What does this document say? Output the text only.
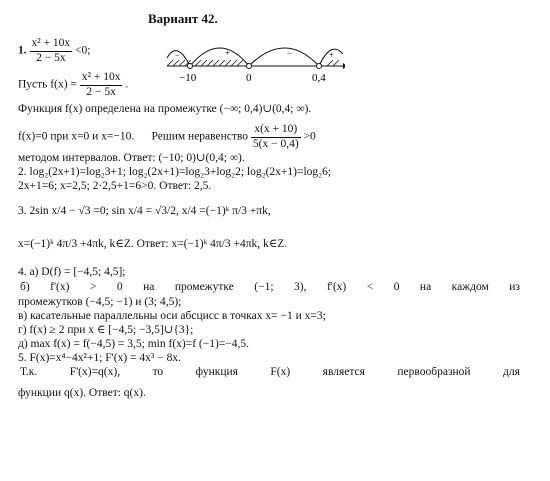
Вариант 42.
1. $\frac{\text{x² + 10x}}{2 - 5x} <0$;
Пусть $f(x) = \frac{\text{x² + 10x}}{2 - 5x}$ .
−	+	−	+
−10	0	0,4
Функция f(x) определена на промежутке (−∞; 0,4)∪(0,4; ∞).
f(x)=0 при x=0 и x=−10. Решим неравенство $\frac{x(x + 10)}{5(x - 0,4)} >0$
методом интервалов. Ответ: (−10; 0)∪(0,4; ∞).
2. log₂(2x+1)=log₂3+1; log₂(2x+1)=log₂3+log₂2; log₂(2x+1)=log₂6;
2x+1=6; x=2,5; 2·2,5+1=6>0. Ответ: 2,5.
3. 2sin x/4 − √3 =0; sin x/4 = √3/2, x/4 =(−1)ᵏ π/3 +πk,
x=(−1)ᵏ 4π/3 +4πk, k∈Z. Ответ: x=(−1)ᵏ 4π/3 +4πk, k∈Z.
4. а) D(f) = [−4,5; 4,5];
б) f'(x) > 0 на промежутке (−1; 3), f'(x) < 0 на каждом из
промежутков (−4,5; −1) и (3; 4,5);
в) касательные параллельны оси абсцисс в точках x= −1 и x=3;
г) f(x) ≥ 2 при x ∈ [−4,5; −3,5]∪{3};
д) max f(x) = f(−4,5) = 3,5; min f(x)=f (−1)=−4,5.
5. F(x)=x⁴−4x²+1; F'(x) = 4x³ − 8x.
Т.к.	F'(x)=q(x),	то	функция	F(x)	является	первообразной	для
функции q(x). Ответ: q(x).
